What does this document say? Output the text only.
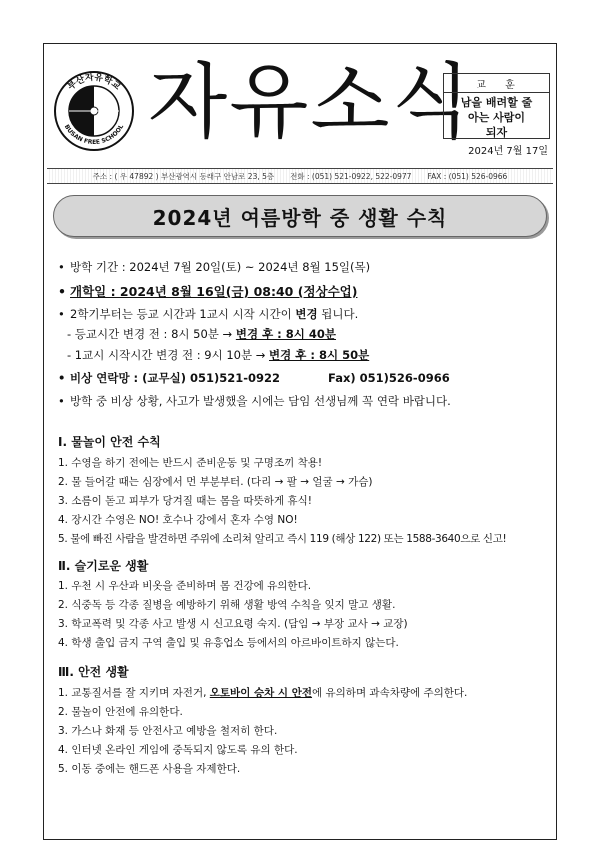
부산자유학교
BUSAN FREE SCHOOL 자유소식 교 훈
남을 배려할 줄
아는 사람이
되자
2024년 7월 17일
주소 : ( 우 47892 ) 부산광역시 동래구 안남로 23, 5층 전화 : (051) 521-0922, 522-0977 FAX : (051) 526-0966
2024년 여름방학 중 생활 수칙
• 방학 기간 : 2024년 7월 20일(토) ~ 2024년 8월 15일(목)
• 개학일 : 2024년 8월 16일(금) 08:40 (정상수업)
• 2학기부터는 등교 시간과 1교시 시작 시간이 변경 됩니다.
- 등교시간 변경 전 : 8시 50분 → 변경 후 : 8시 40분
- 1교시 시작시간 변경 전 : 9시 10분 → 변경 후 : 8시 50분
• 비상 연락망 : (교무실) 051)521-0922	Fax) 051)526-0966
• 방학 중 비상 상황, 사고가 발생했을 시에는 담임 선생님께 꼭 연락 바랍니다.
Ⅰ. 물놀이 안전 수칙
1. 수영을 하기 전에는 반드시 준비운동 및 구명조끼 착용!
2. 물 들어갈 때는 심장에서 먼 부분부터. (다리 → 팔 → 얼굴 → 가슴)
3. 소름이 돋고 피부가 당겨질 때는 몸을 따뜻하게 휴식!
4. 장시간 수영은 NO! 호수나 강에서 혼자 수영 NO!
5. 물에 빠진 사람을 발견하면 주위에 소리쳐 알리고 즉시 119 (해상 122) 또는 1588-3640으로 신고!
Ⅱ. 슬기로운 생활
1. 우천 시 우산과 비옷을 준비하며 몸 건강에 유의한다.
2. 식중독 등 각종 질병을 예방하기 위해 생활 방역 수칙을 잊지 말고 생활.
3. 학교폭력 및 각종 사고 발생 시 신고요령 숙지. (담임 → 부장 교사 → 교장)
4. 학생 출입 금지 구역 출입 및 유흥업소 등에서의 아르바이트하지 않는다.
Ⅲ. 안전 생활
1. 교통질서를 잘 지키며 자전거, 오토바이 승차 시 안전에 유의하며 과속차량에 주의한다.
2. 물놀이 안전에 유의한다.
3. 가스나 화재 등 안전사고 예방을 철저히 한다.
4. 인터넷 온라인 게임에 중독되지 않도록 유의 한다.
5. 이동 중에는 핸드폰 사용을 자제한다.
